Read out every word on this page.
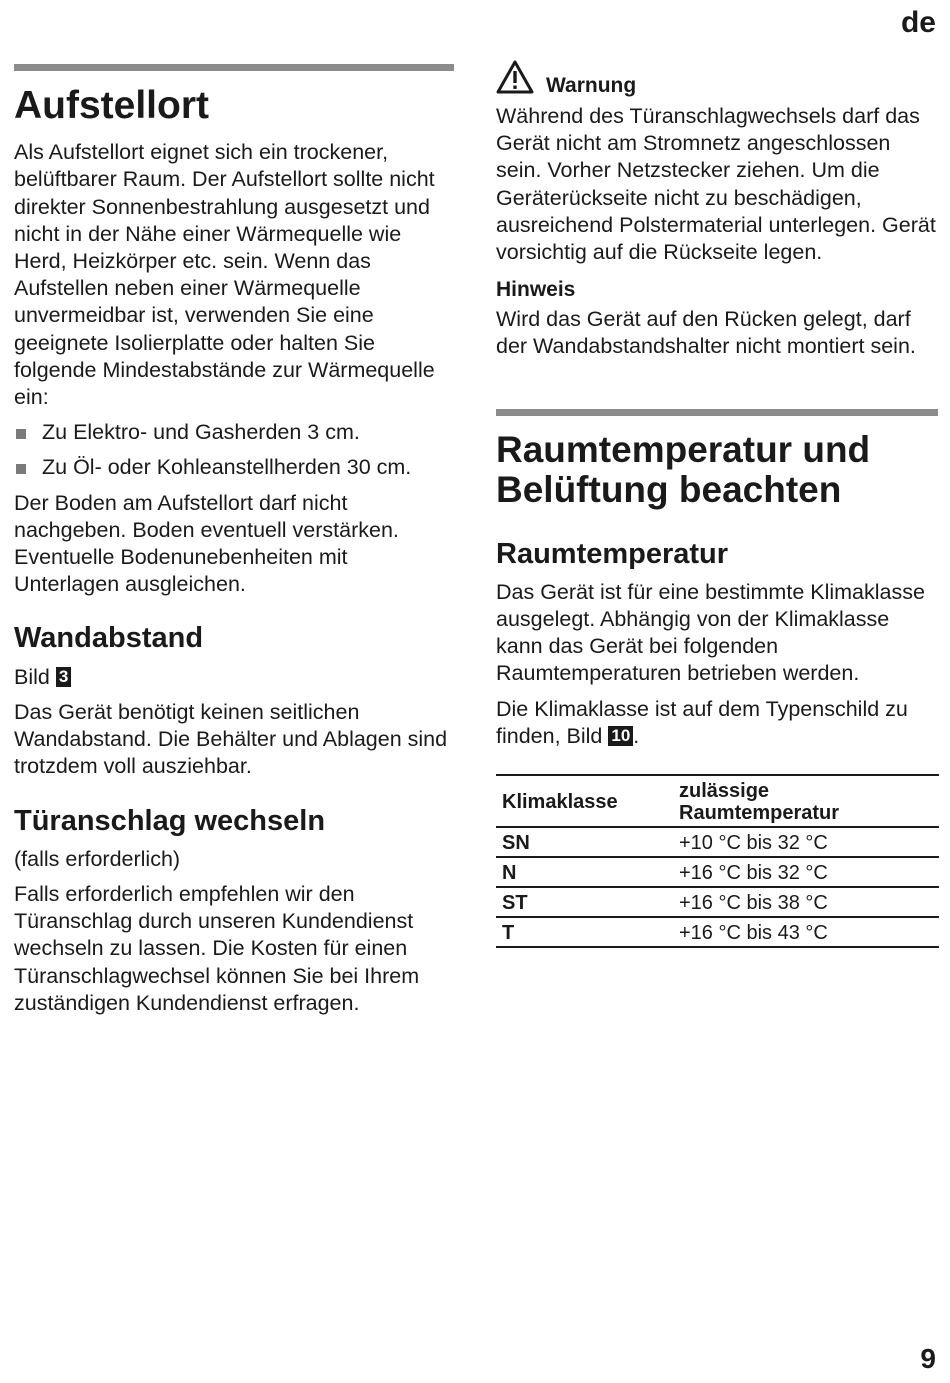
de
Aufstellort

Als Aufstellort eignet sich ein trockener, belüftbarer Raum. Der Aufstellort sollte nicht direkter Sonnenbestrahlung ausgesetzt und nicht in der Nähe einer Wärmequelle wie Herd, Heizkörper etc. sein. Wenn das Aufstellen neben einer Wärmequelle unvermeidbar ist, verwenden Sie eine geeignete Isolierplatte oder halten Sie folgende Mindestabstände zur Wärmequelle ein:

Zu Elektro- und Gasherden 3 cm.
Zu Öl- oder Kohleanstellherden 30 cm.

Der Boden am Aufstellort darf nicht nachgeben. Boden eventuell verstärken. Eventuelle Bodenunebenheiten mit Unterlagen ausgleichen.

Wandabstand

Bild 3

Das Gerät benötigt keinen seitlichen Wandabstand. Die Behälter und Ablagen sind trotzdem voll ausziehbar.

Türanschlag wechseln

(falls erforderlich)

Falls erforderlich empfehlen wir den Türanschlag durch unseren Kundendienst wechseln zu lassen. Die Kosten für einen Türanschlagwechsel können Sie bei Ihrem zuständigen Kundendienst erfragen.

Warnung

Während des Türanschlagwechsels darf das Gerät nicht am Stromnetz angeschlossen sein. Vorher Netzstecker ziehen. Um die Geräterückseite nicht zu beschädigen, ausreichend Polstermaterial unterlegen. Gerät vorsichtig auf die Rückseite legen.

Hinweis

Wird das Gerät auf den Rücken gelegt, darf der Wandabstandshalter nicht montiert sein.

Raumtemperatur und Belüftung beachten
Raumtemperatur

Das Gerät ist für eine bestimmte Klimaklasse ausgelegt. Abhängig von der Klimaklasse kann das Gerät bei folgenden Raumtemperaturen betrieben werden.

Die Klimaklasse ist auf dem Typenschild zu finden, Bild 10 .

Klimaklasse	zulässige Raumtemperatur
SN	+10 °C bis 32 °C
N	+16 °C bis 32 °C
ST	+16 °C bis 38 °C
T	+16 °C bis 43 °C
9
